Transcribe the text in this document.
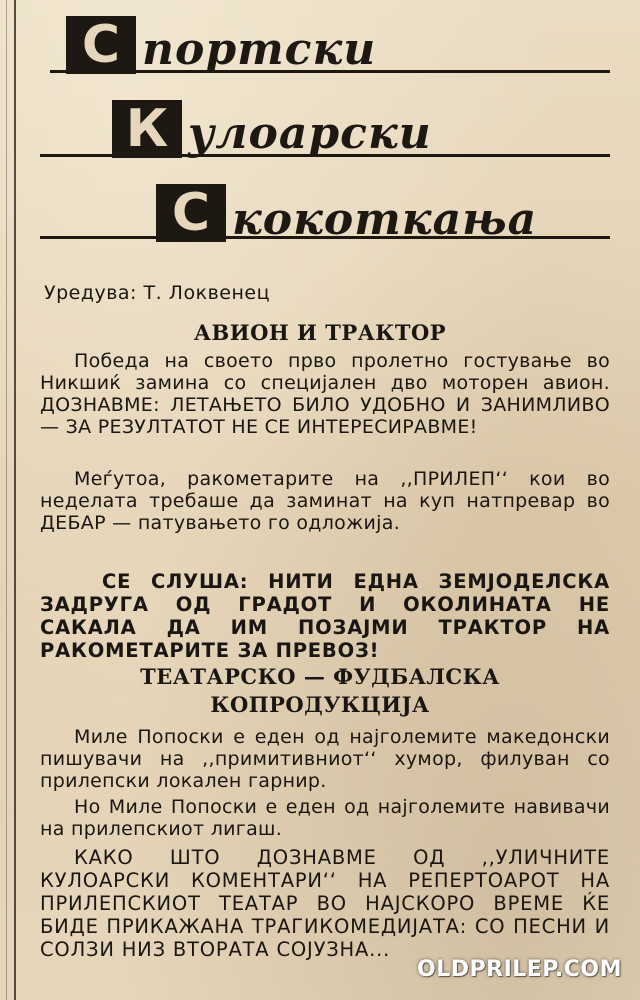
С портски
К улоарски
С кокоткања
Уредува: Т. Локвенец
АВИОН И ТРАКТОР
Победа на своето прво пролетно гостување во Никшиќ замина со специјален дво моторен авион. ДОЗНАВМЕ: ЛЕТАЊЕТО БИЛО УДОБНО И ЗАНИМЛИВО — ЗА РЕЗУЛТАТОТ НЕ СЕ ИНТЕРЕСИРАВМЕ!
Меѓутоа, ракометарите на ,,ПРИЛЕП‘‘ кои во неделата требаше да заминат на куп натпревар во ДЕБАР — патувањето го одложија.
СЕ СЛУША: НИТИ ЕДНА ЗЕМЈОДЕЛСКА ЗАДРУГА ОД ГРАДОТ И ОКОЛИНАТА НЕ САКАЛА ДА ИМ ПОЗАЈМИ ТРАКТОР НА РАКОМЕТАРИТЕ ЗА ПРЕВОЗ!
ТЕАТАРСКО — ФУДБАЛСКА
КОПРОДУКЦИЈА
Миле Попоски е еден од најголемите македонски пишувачи на ,,примитивниот‘‘ хумор, филуван со прилепски локален гарнир.
Но Миле Попоски е еден од најголемите навивачи на прилепскиот лигаш.
КАКО ШТО ДОЗНАВМЕ ОД ,,УЛИЧНИТЕ КУЛОАРСКИ КОМЕНТАРИ‘‘ НА РЕПЕРТОАРОТ НА ПРИЛЕПСКИОТ ТЕАТАР ВО НАЈСКОРО ВРЕМЕ ЌЕ БИДЕ ПРИКАЖАНА ТРАГИКОМЕДИЈАТА: СО ПЕСНИ И СОЛЗИ НИЗ ВТОРАТА СОЈУЗНА...
OLDPRILEP.COM
